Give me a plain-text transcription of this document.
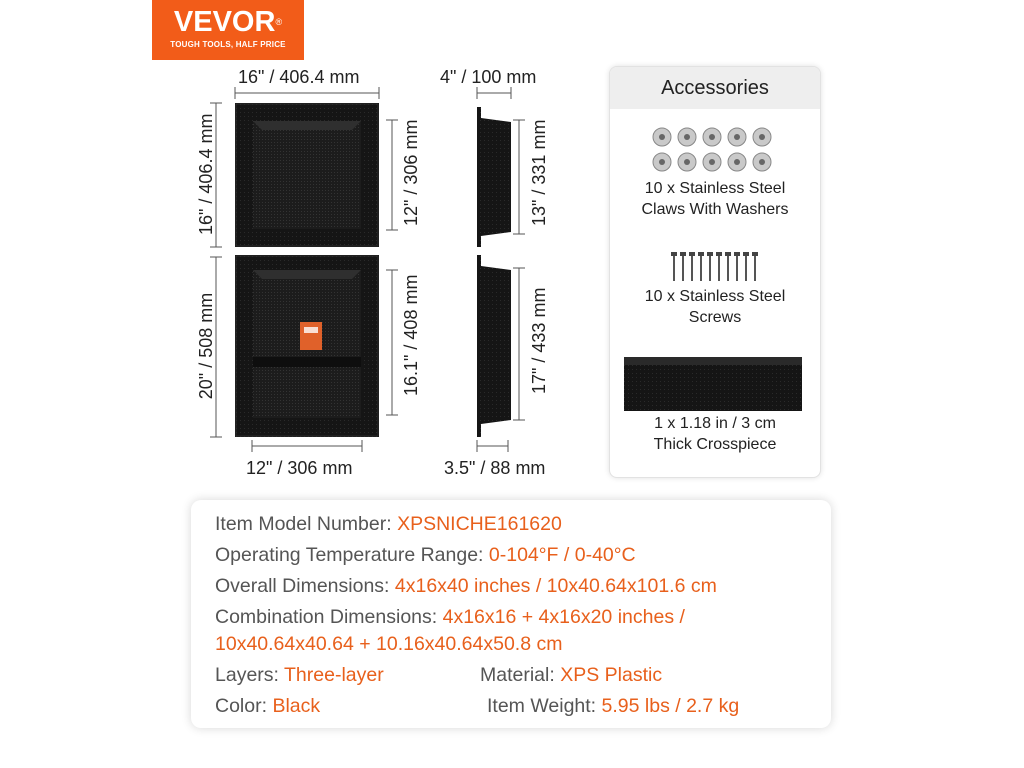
VEVOR®
TOUGH TOOLS, HALF PRICE
16" / 406.4 mm
16" / 406.4 mm
20" / 508 mm
12" / 306 mm
16.1" / 408 mm
12" / 306 mm
4" / 100 mm
13" / 331 mm
17" / 433 mm
3.5" / 88 mm
Accessories
10 x Stainless Steel
Claws With Washers
10 x Stainless Steel
Screws
1 x 1.18 in / 3 cm
Thick Crosspiece
Item Model Number: XPSNICHE161620
Operating Temperature Range: 0-104°F / 0-40°C
Overall Dimensions: 4x16x40 inches / 10x40.64x101.6 cm
Combination Dimensions: 4x16x16 + 4x16x20 inches /
10x40.64x40.64 + 10.16x40.64x50.8 cm
Layers: Three-layer	Material: XPS Plastic
Color: Black	Item Weight: 5.95 lbs / 2.7 kg
